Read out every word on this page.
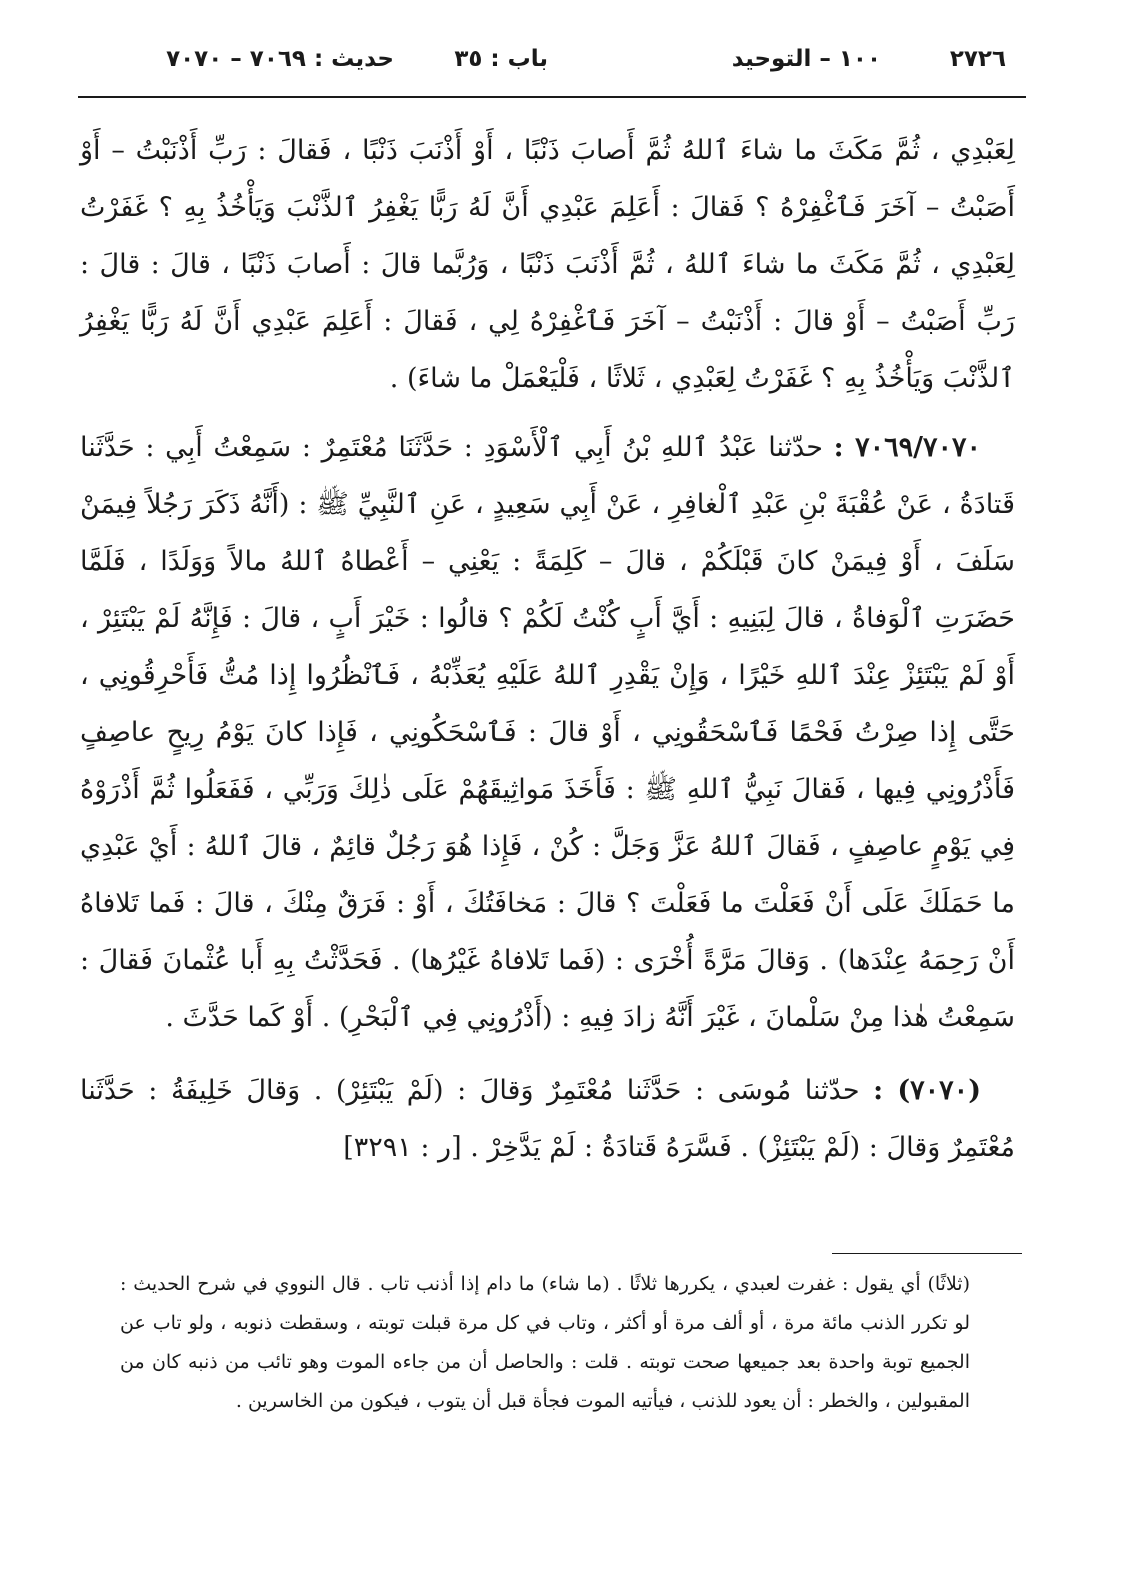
٢٧٢٦
١٠٠ – التوحيد
باب : ٣٥
حديث : ٧٠٦٩ – ٧٠٧٠

لِعَبْدِي ، ثُمَّ مَكَثَ ما شاءَ ٱللهُ ثُمَّ أَصابَ ذَنْبًا ، أَوْ أَذْنَبَ ذَنْبًا ، فَقالَ : رَبِّ أَذْنَبْتُ – أَوْ أَصَبْتُ – آخَرَ فَٱغْفِرْهُ ؟ فَقالَ : أَعَلِمَ عَبْدِي أَنَّ لَهُ رَبًّا يَغْفِرُ ٱلذَّنْبَ وَيَأْخُذُ بِهِ ؟ غَفَرْتُ لِعَبْدِي ، ثُمَّ مَكَثَ ما شاءَ ٱللهُ ، ثُمَّ أَذْنَبَ ذَنْبًا ، وَرُبَّما قالَ : أَصابَ ذَنْبًا ، قالَ : قالَ : رَبِّ أَصَبْتُ – أَوْ قالَ : أَذْنَبْتُ – آخَرَ فَٱغْفِرْهُ لِي ، فَقالَ : أَعَلِمَ عَبْدِي أَنَّ لَهُ رَبًّا يَغْفِرُ ٱلذَّنْبَ وَيَأْخُذُ بِهِ ؟ غَفَرْتُ لِعَبْدِي ، ثَلاثًا ، فَلْيَعْمَلْ ما شاءَ) .

٧٠٦٩/٧٠٧٠ : حدّثنا عَبْدُ ٱللهِ بْنُ أَبِي ٱلْأَسْوَدِ : حَدَّثَنَا مُعْتَمِرٌ : سَمِعْتُ أَبِي : حَدَّثَنا قَتادَةُ ، عَنْ عُقْبَةَ بْنِ عَبْدِ ٱلْغافِرِ ، عَنْ أَبِي سَعِيدٍ ، عَنِ ٱلنَّبِيِّ ﷺ : (أَنَّهُ ذَكَرَ رَجُلاً فِيمَنْ سَلَفَ ، أَوْ فِيمَنْ كانَ قَبْلَكُمْ ، قالَ – كَلِمَةً : يَعْنِي – أَعْطاهُ ٱللهُ مالاً وَوَلَدًا ، فَلَمَّا حَضَرَتِ ٱلْوَفاةُ ، قالَ لِبَنِيهِ : أَيَّ أَبٍ كُنْتُ لَكُمْ ؟ قالُوا : خَيْرَ أَبٍ ، قالَ : فَإِنَّهُ لَمْ يَبْتَئِرْ ، أَوْ لَمْ يَبْتَئِزْ عِنْدَ ٱللهِ خَيْرًا ، وَإِنْ يَقْدِرِ ٱللهُ عَلَيْهِ يُعَذِّبْهُ ، فَٱنْظُرُوا إِذا مُتُّ فَأَحْرِقُونِي ، حَتَّى إِذا صِرْتُ فَحْمًا فَٱسْحَقُونِي ، أَوْ قالَ : فَٱسْحَكُونِي ، فَإِذا كانَ يَوْمُ رِيحٍ عاصِفٍ فَأَذْرُونِي فِيها ، فَقالَ نَبِيُّ ٱللهِ ﷺ : فَأَخَذَ مَواثِيقَهُمْ عَلَى ذٰلِكَ وَرَبِّي ، فَفَعَلُوا ثُمَّ أَذْرَوْهُ فِي يَوْمٍ عاصِفٍ ، فَقالَ ٱللهُ عَزَّ وَجَلَّ : كُنْ ، فَإِذا هُوَ رَجُلٌ قائِمٌ ، قالَ ٱللهُ : أَيْ عَبْدِي ما حَمَلَكَ عَلَى أَنْ فَعَلْتَ ما فَعَلْتَ ؟ قالَ : مَخافَتُكَ ، أَوْ : فَرَقٌ مِنْكَ ، قالَ : فَما تَلافاهُ أَنْ رَحِمَهُ عِنْدَها) . وَقالَ مَرَّةً أُخْرَى : (فَما تَلافاهُ غَيْرُها) . فَحَدَّثْتُ بِهِ أَبا عُثْمانَ فَقالَ : سَمِعْتُ هٰذا مِنْ سَلْمانَ ، غَيْرَ أَنَّهُ زادَ فِيهِ : (أَذْرُونِي فِي ٱلْبَحْرِ) . أَوْ كَما حَدَّثَ .

(٧٠٧٠) : حدّثنا مُوسَى : حَدَّثَنا مُعْتَمِرٌ وَقالَ : (لَمْ يَبْتَئِرْ) . وَقالَ خَلِيفَةُ : حَدَّثَنا مُعْتَمِرٌ وَقالَ : (لَمْ يَبْتَئِزْ) . فَسَّرَهُ قَتادَةُ : لَمْ يَدَّخِرْ . [ر : ٣٢٩١]

(ثلاثًا) أي يقول : غفرت لعبدي ، يكررها ثلاثًا . (ما شاء) ما دام إذا أذنب تاب . قال النووي في شرح الحديث : لو تكرر الذنب مائة مرة ، أو ألف مرة أو أكثر ، وتاب في كل مرة قبلت توبته ، وسقطت ذنوبه ، ولو تاب عن الجميع توبة واحدة بعد جميعها صحت توبته . قلت : والحاصل أن من جاءه الموت وهو تائب من ذنبه كان من المقبولين ، والخطر : أن يعود للذنب ، فيأتيه الموت فجأة قبل أن يتوب ، فيكون من الخاسرين .
